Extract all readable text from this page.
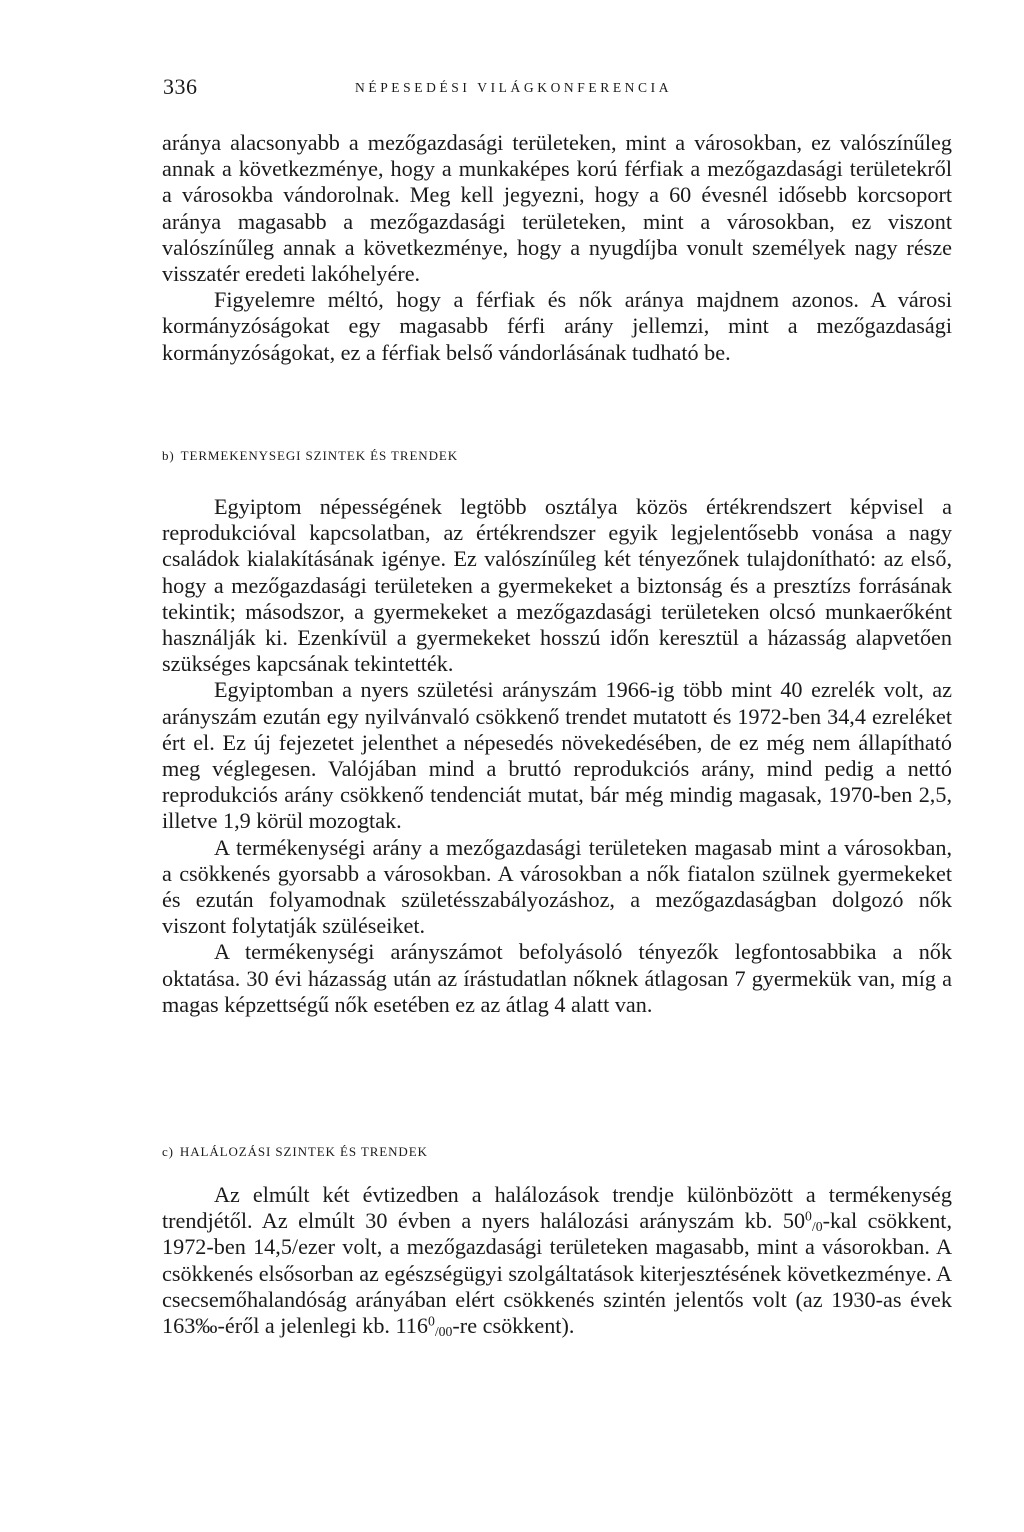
336	NÉPESEDÉSI VILÁGKONFERENCIA

aránya alacsonyabb a mezőgazdasági területeken, mint a városokban, ez valószínűleg annak a következménye, hogy a munkaképes korú férfiak a mezőgazdasági területekről a városokba vándorolnak. Meg kell jegyezni, hogy a 60 évesnél idősebb korcsoport aránya magasabb a mezőgazdasági területeken, mint a városokban, ez viszont valószínűleg annak a következménye, hogy a nyugdíjba vonult személyek nagy része visszatér eredeti lakóhelyére.

Figyelemre méltó, hogy a férfiak és nők aránya majdnem azonos. A városi kormányzóságokat egy magasabb férfi arány jellemzi, mint a mezőgazdasági kormányzóságokat, ez a férfiak belső vándorlásának tudható be.

b) TERMEKENYSEGI SZINTEK ÉS TRENDEK

Egyiptom népességének legtöbb osztálya közös értékrendszert képvisel a reprodukcióval kapcsolatban, az értékrendszer egyik legjelentősebb vonása a nagy családok kialakításának igénye. Ez valószínűleg két tényezőnek tulajdonítható: az első, hogy a mezőgazdasági területeken a gyermekeket a biztonság és a presztízs forrásának tekintik; másodszor, a gyermekeket a mezőgazdasági területeken olcsó munkaerőként használják ki. Ezenkívül a gyermekeket hosszú időn keresztül a házasság alapvetően szükséges kapcsának tekintették.

Egyiptomban a nyers születési arányszám 1966-ig több mint 40 ezrelék volt, az arányszám ezután egy nyilvánvaló csökkenő trendet mutatott és 1972-ben 34,4 ezreléket ért el. Ez új fejezetet jelenthet a népesedés növekedésében, de ez még nem állapítható meg véglegesen. Valójában mind a bruttó reprodukciós arány, mind pedig a nettó reprodukciós arány csökkenő tendenciát mutat, bár még mindig magasak, 1970-ben 2,5, illetve 1,9 körül mozogtak.

A termékenységi arány a mezőgazdasági területeken magasab mint a városokban, a csökkenés gyorsabb a városokban. A városokban a nők fiatalon szülnek gyermekeket és ezután folyamodnak születésszabályozáshoz, a mezőgazdaságban dolgozó nők viszont folytatják szüléseiket.

A termékenységi arányszámot befolyásoló tényezők legfontosabbika a nők oktatása. 30 évi házasság után az írástudatlan nőknek átlagosan 7 gyermekük van, míg a magas képzettségű nők esetében ez az átlag 4 alatt van.

c) HALÁLOZÁSI SZINTEK ÉS TRENDEK

Az elmúlt két évtizedben a halálozások trendje különbözött a termékenység trendjétől. Az elmúlt 30 évben a nyers halálozási arányszám kb. $50^0_{/0}$-kal csökkent, 1972-ben 14,5/ezer volt, a mezőgazdasági területeken magasabb, mint a vásorokban. A csökkenés elsősorban az egészségügyi szolgáltatások kiterjesztésének következménye. A csecsemőhalandóság arányában elért csökkenés szintén jelentős volt (az 1930-as évek 163‰-éről a jelenlegi kb. $116^0_{/00}-re$ csökkent).
